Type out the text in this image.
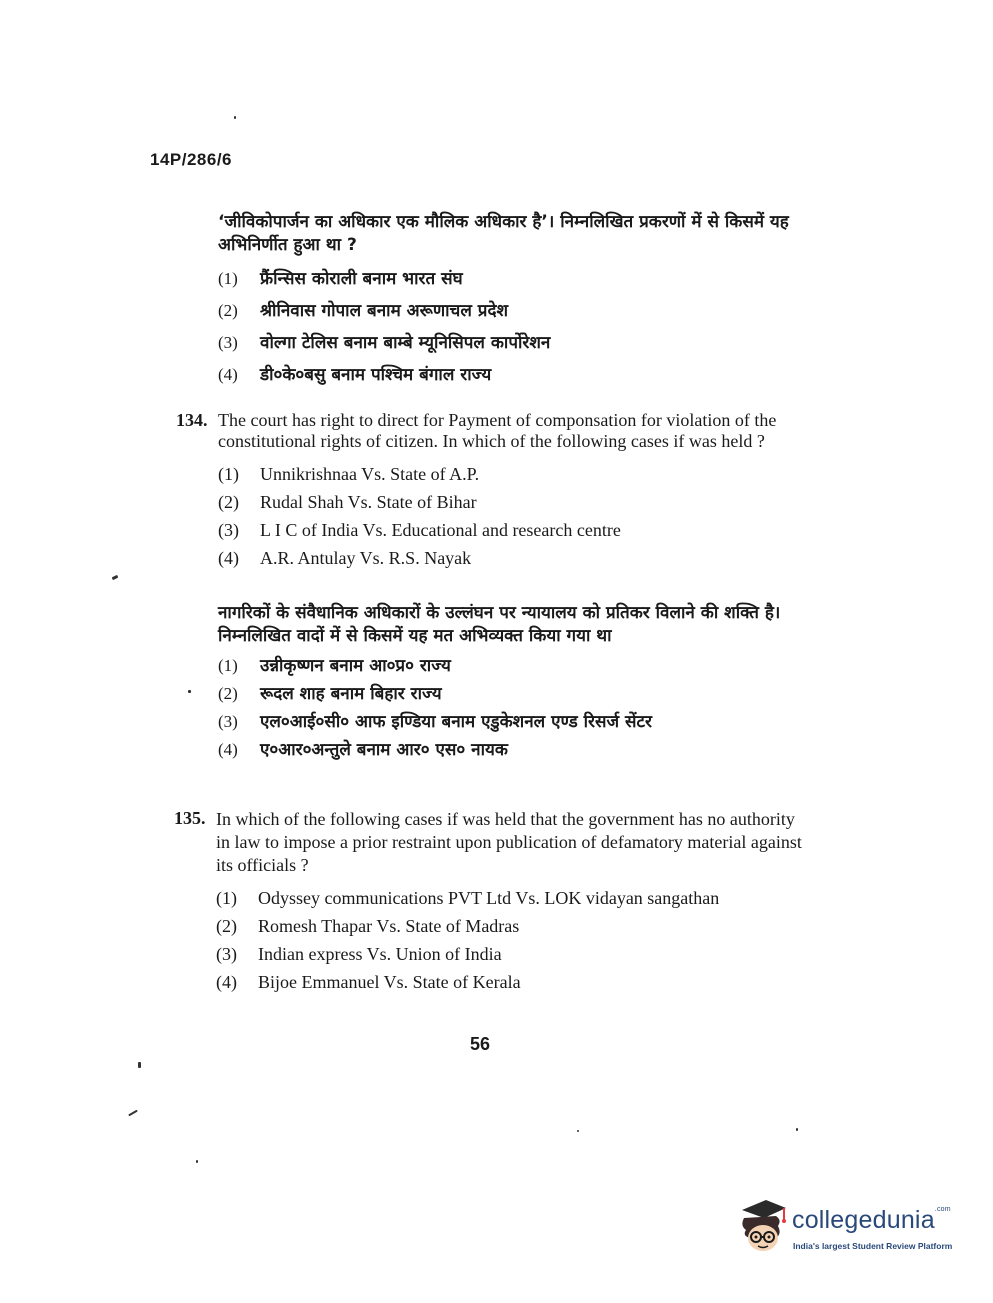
14P/286/6
‘जीविकोपार्जन का अधिकार एक मौलिक अधिकार है’। निम्नलिखित प्रकरणों में से किसमें यह अभिनिर्णीत हुआ था ?
(1)	फ्रैंन्सिस कोराली बनाम भारत संघ
(2)	श्रीनिवास गोपाल बनाम अरूणाचल प्रदेश
(3)	वोल्गा टेलिस बनाम बाम्बे म्यूनिसिपल कार्पोरेशन
(4)	डी०के०बसु बनाम पश्चिम बंगाल राज्य
134. The court has right to direct for Payment of componsation for violation of the constitutional rights of citizen. In which of the following cases if was held ?
(1)	Unnikrishnaa Vs. State of A.P.
(2)	Rudal Shah Vs. State of Bihar
(3)	L I C of India Vs. Educational and research centre
(4)	A.R. Antulay Vs. R.S. Nayak
नागरिकों के संवैधानिक अधिकारों के उल्लंघन पर न्यायालय को प्रतिकर विलाने की शक्ति है। निम्नलिखित वादों में से किसमें यह मत अभिव्यक्त किया गया था
(1)	उन्नीकृष्णन बनाम आ०प्र० राज्य
(2)	रूदल शाह बनाम बिहार राज्य
(3)	एल०आई०सी० आफ इण्डिया बनाम एडुकेशनल एण्ड रिसर्ज सेंटर
(4)	ए०आर०अन्तुले बनाम आर० एस० नायक
135. In which of the following cases if was held that the government has no authority in law to impose a prior restraint upon publication of defamatory material against its officials ?
(1)	Odyssey communications PVT Ltd Vs. LOK vidayan sangathan
(2)	Romesh Thapar Vs. State of Madras
(3)	Indian express Vs. Union of India
(4)	Bijoe Emmanuel Vs. State of Kerala
56
collegedunia$^{.com}$
India's largest Student Review Platform
